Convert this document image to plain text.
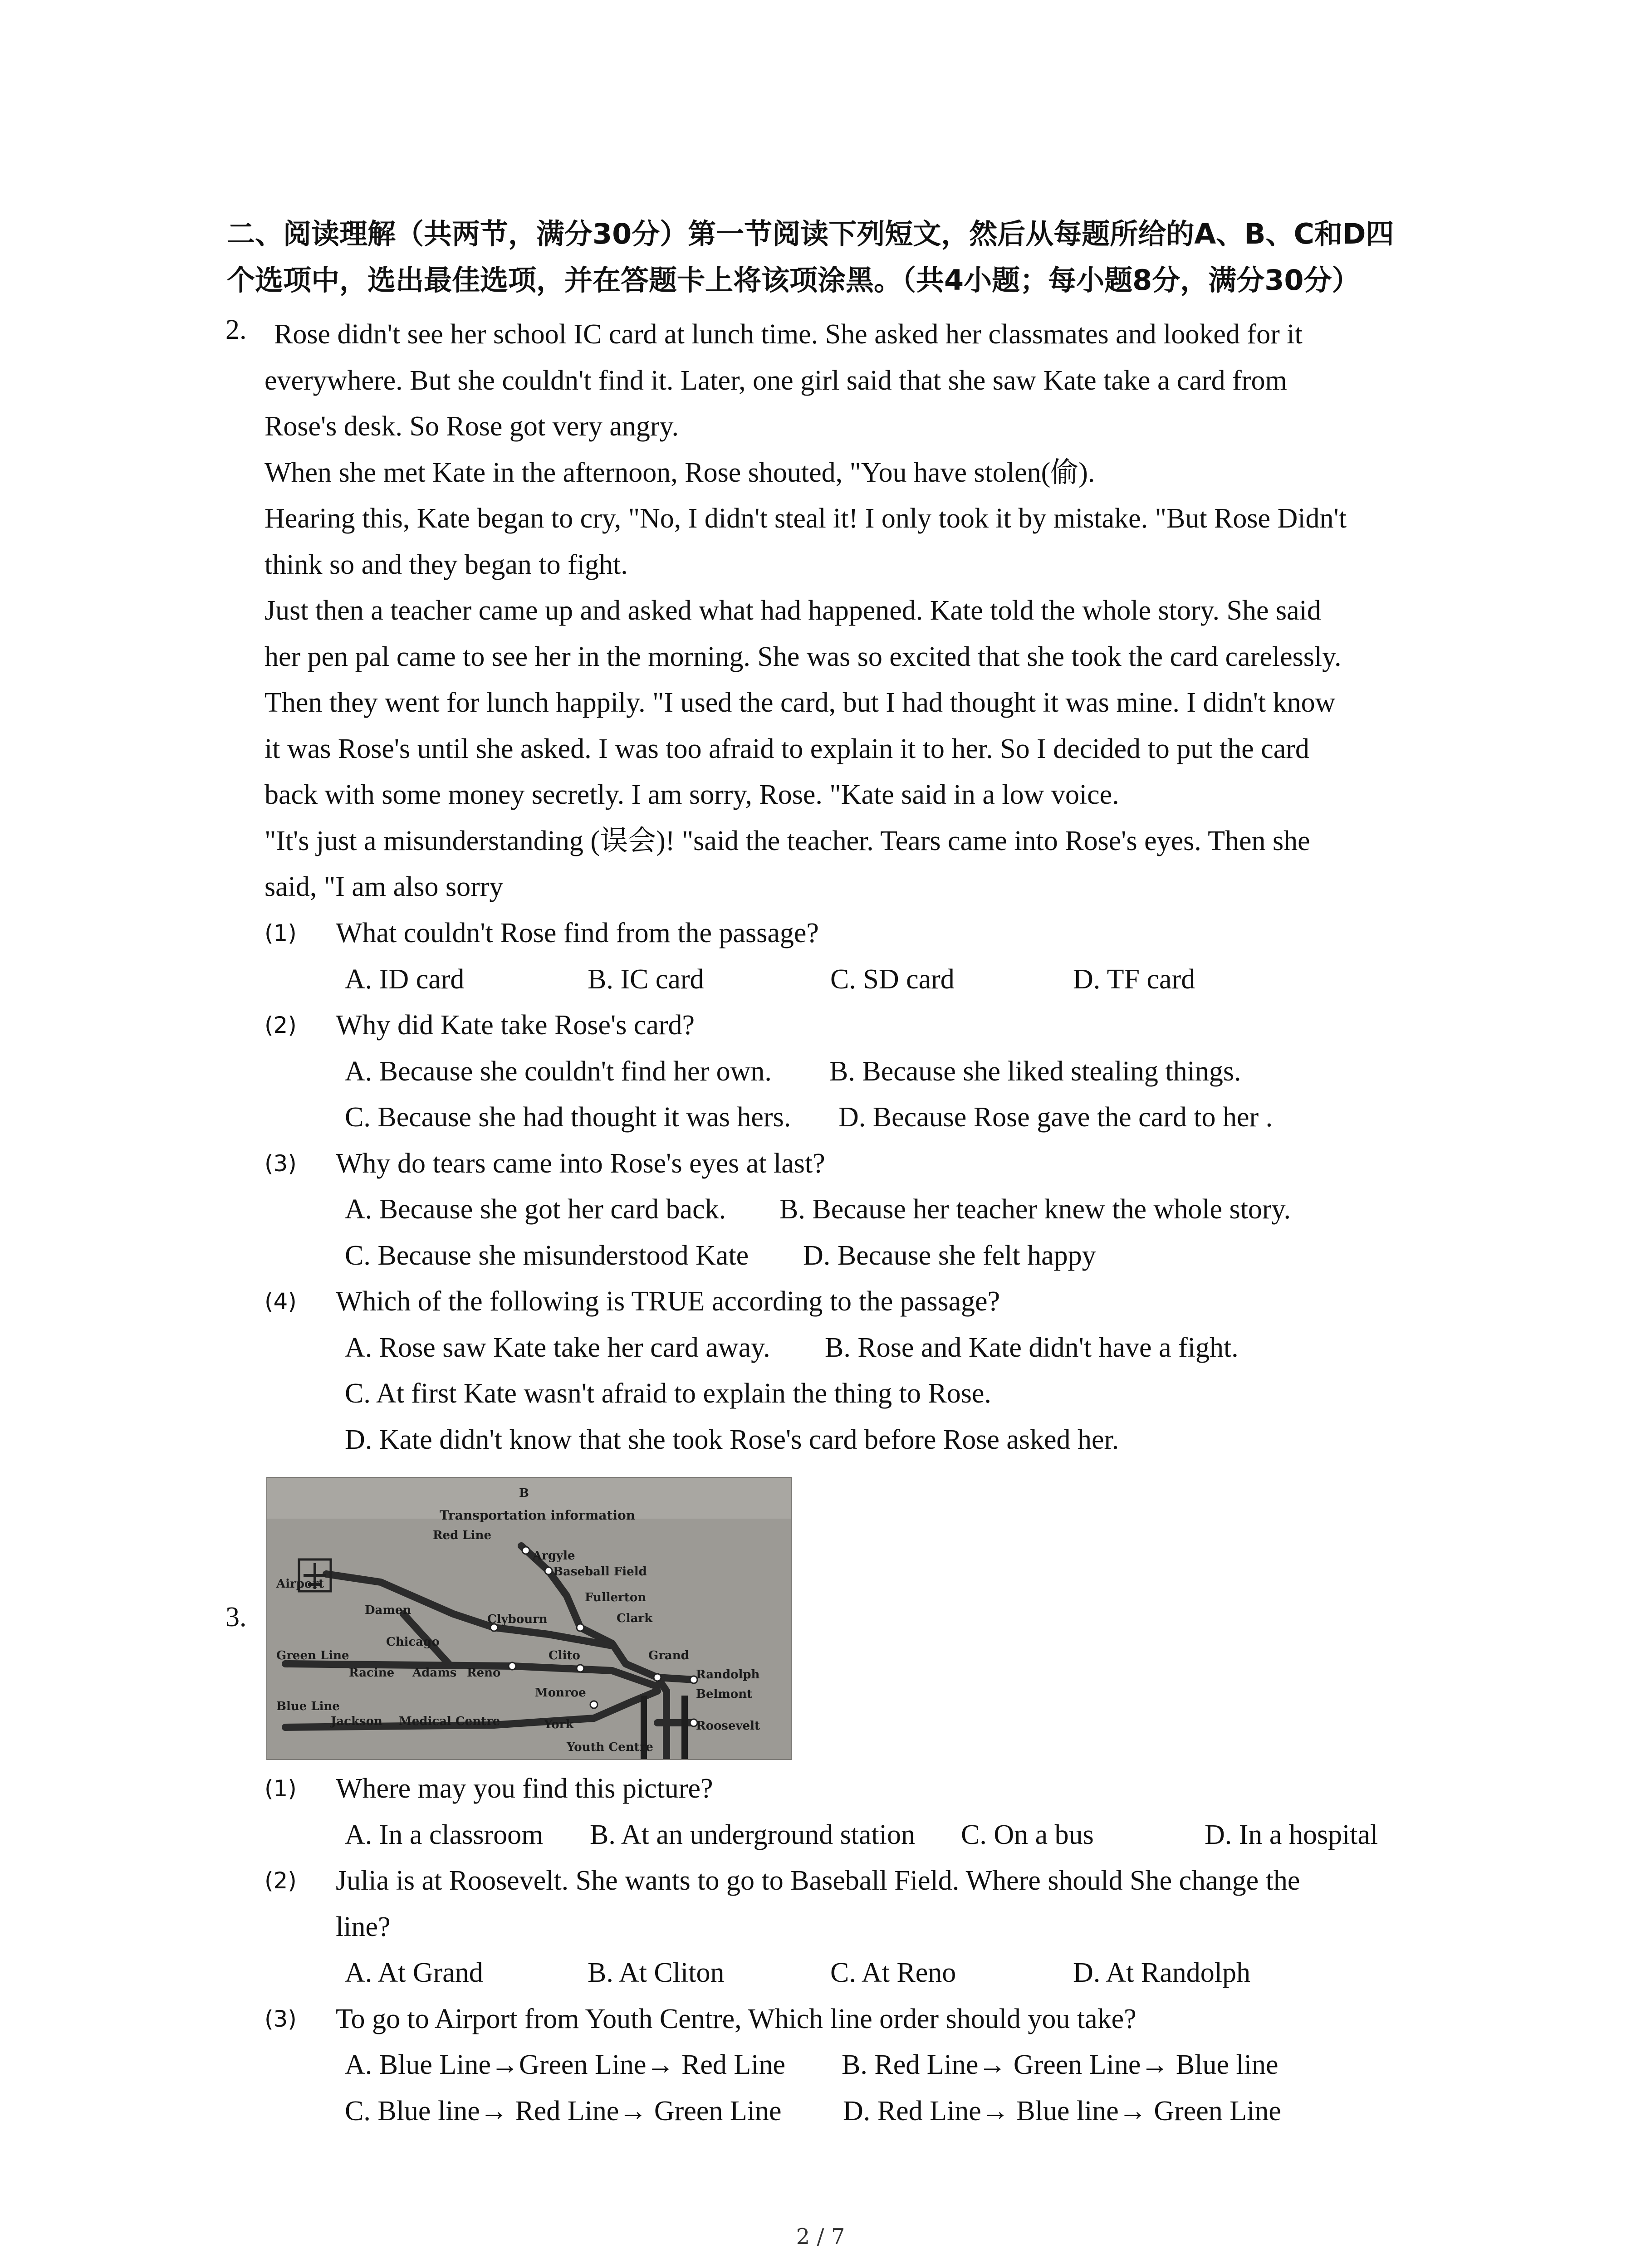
二、阅读理解（共两节，满分30分）第一节阅读下列短文，然后从每题所给的A、B、C和D四
个选项中，选出最佳选项，并在答题卡上将该项涂黑。（共4小题；每小题8分，满分30分）
2. Rose didn't see her school IC card at lunch time. She asked her classmates and looked for it
everywhere. But she couldn't find it. Later, one girl said that she saw Kate take a card from
Rose's desk. So Rose got very angry.
When she met Kate in the afternoon, Rose shouted, "You have stolen(偷).
Hearing this, Kate began to cry, "No, I didn't steal it! I only took it by mistake. "But Rose Didn't
think so and they began to fight.
Just then a teacher came up and asked what had happened. Kate told the whole story. She said
her pen pal came to see her in the morning. She was so excited that she took the card carelessly.
Then they went for lunch happily. "I used the card, but I had thought it was mine. I didn't know
it was Rose's until she asked. I was too afraid to explain it to her. So I decided to put the card
back with some money secretly. I am sorry, Rose. "Kate said in a low voice.
"It's just a misunderstanding (误会)! "said the teacher. Tears came into Rose's eyes. Then she
said, "I am also sorry
(1) What couldn't Rose find from the passage?
A. ID card	B. IC card	C. SD card	D. TF card
(2) Why did Kate take Rose's card?
A. Because she couldn't find her own. B. Because she liked stealing things.
C. Because she had thought it was hers. D. Because Rose gave the card to her .
(3) Why do tears came into Rose's eyes at last?
A. Because she got her card back. B. Because her teacher knew the whole story.
C. Because she misunderstood Kate D. Because she felt happy
(4) Which of the following is TRUE according to the passage?
A. Rose saw Kate take her card away. B. Rose and Kate didn't have a fight.
C. At first Kate wasn't afraid to explain the thing to Rose.
D. Kate didn't know that she took Rose's card before Rose asked her.
3.
B
Transportation information
Red Line
Argyle
Baseball Field
Fullerton
Airport
Damen
Clybourn	Clark
Chicago
Green Line	Clito	Grand
Racine Adams Reno	Randolph
Monroe	Belmont
Blue Line
Jackson Medical Centre	York	Roosevelt
Youth Centre
(1) Where may you find this picture?
A. In a classroom B. At an underground station C. On a bus	D. In a hospital
(2) Julia is at Roosevelt. She wants to go to Baseball Field. Where should She change the
line?
A. At Grand	B. At Cliton	C. At Reno	D. At Randolph
(3) To go to Airport from Youth Centre, Which line order should you take?
A. Blue Line→Green Line→ Red Line B. Red Line→ Green Line→ Blue line
C. Blue line→ Red Line→ Green Line D. Red Line→ Blue line→ Green Line
2 / 7
